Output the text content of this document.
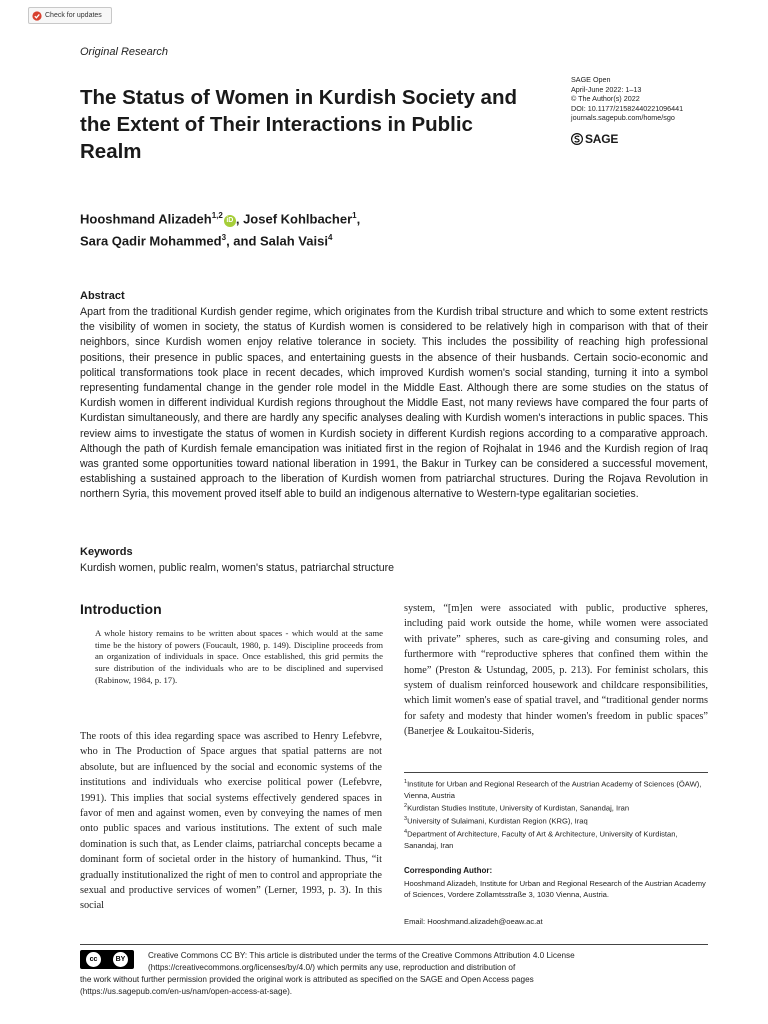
Check for updates
Original Research
The Status of Women in Kurdish Society and the Extent of Their Interactions in Public Realm
SAGE Open
April-June 2022: 1–13
© The Author(s) 2022
DOI: 10.1177/21582440221096441
journals.sagepub.com/home/sgo
SAGE
Hooshmand Alizadeh$^{1,2}$iD , Josef Kohlbacher$^1$,
Sara Qadir Mohammed$^3$, and Salah Vaisi$^4$
Abstract

Apart from the traditional Kurdish gender regime, which originates from the Kurdish tribal structure and which to some extent restricts the visibility of women in society, the status of Kurdish women is considered to be relatively high in comparison with that of their neighbors, since Kurdish women enjoy relative tolerance in society. This includes the possibility of reaching high professional positions, their presence in public spaces, and entertaining guests in the absence of their husbands. Certain socio-economic and political transformations took place in recent decades, which improved Kurdish women's social standing, turning it into a symbol representing fundamental change in the gender role model in the Middle East. Although there are some studies on the status of Kurdish women in different individual Kurdish regions throughout the Middle East, not many reviews have compared the four parts of Kurdistan simultaneously, and there are hardly any specific analyses dealing with Kurdish women's interactions in public spaces. This review aims to investigate the status of women in Kurdish society in different Kurdish regions according to a comparative approach. Although the path of Kurdish female emancipation was initiated first in the region of Rojhalat in 1946 and the Kurdish region of Iraq was granted some opportunities toward national liberation in 1991, the Bakur in Turkey can be considered a successful movement, establishing a sustained approach to the liberation of Kurdish women from patriarchal structures. During the Rojava Revolution in northern Syria, this movement proved itself able to build an indigenous alternative to Western-type egalitarian societies.

Keywords
Kurdish women, public realm, women's status, patriarchal structure
Introduction

A whole history remains to be written about spaces - which would at the same time be the history of powers (Foucault, 1980, p. 149). Discipline proceeds from an organization of individuals in space. Once established, this grid permits the sure distribution of the individuals who are to be disciplined and supervised (Rabinow, 1984, p. 17).

The roots of this idea regarding space was ascribed to Henry Lefebvre, who in The Production of Space argues that spatial patterns are not absolute, but are influenced by the social and economic systems of the institutions and individuals who exercise political power (Lefebvre, 1991). This implies that social systems effectively gendered spaces in favor of men and against women, even by conveying the names of men onto public spaces and various institutions. The extent of such male domination is such that, as Lender claims, patriarchal concepts became a dominant form of societal order in the history of humankind. Thus, “it gradually institutionalized the right of men to control and appropriate the sexual and productive services of women” (Lerner, 1993, p. 3). In this social

system, “[m]en were associated with public, productive spheres, including paid work outside the home, while women were associated with private” spheres, such as care-giving and consuming roles, and furthermore with “reproductive spheres that confined them within the home” (Preston & Ustundag, 2005, p. 213). For feminist scholars, this system of dualism reinforced housework and childcare responsibilities, which limit women's ease of spatial travel, and “traditional gender norms for safety and modesty that hinder women's freedom in public spaces” (Banerjee & Loukaitou-Sideris,

$^1$Institute for Urban and Regional Research of the Austrian Academy of Sciences (ÖAW), Vienna, Austria

$^2$Kurdistan Studies Institute, University of Kurdistan, Sanandaj, Iran

$^3$University of Sulaimani, Kurdistan Region (KRG), Iraq

$^4$Department of Architecture, Faculty of Art & Architecture, University of Kurdistan, Sanandaj, Iran

Corresponding Author:

Hooshmand Alizadeh, Institute for Urban and Regional Research of the Austrian Academy of Sciences, Vordere Zollamtsstraße 3, 1030 Vienna, Austria.

Email: Hooshmand.alizadeh@oeaw.ac.at
cc	BY	Creative Commons CC BY: This article is distributed under the terms of the Creative Commons Attribution 4.0 License
(https://creativecommons.org/licenses/by/4.0/) which permits any use, reproduction and distribution of
the work without further permission provided the original work is attributed as specified on the SAGE and Open Access pages
(https://us.sagepub.com/en-us/nam/open-access-at-sage).
